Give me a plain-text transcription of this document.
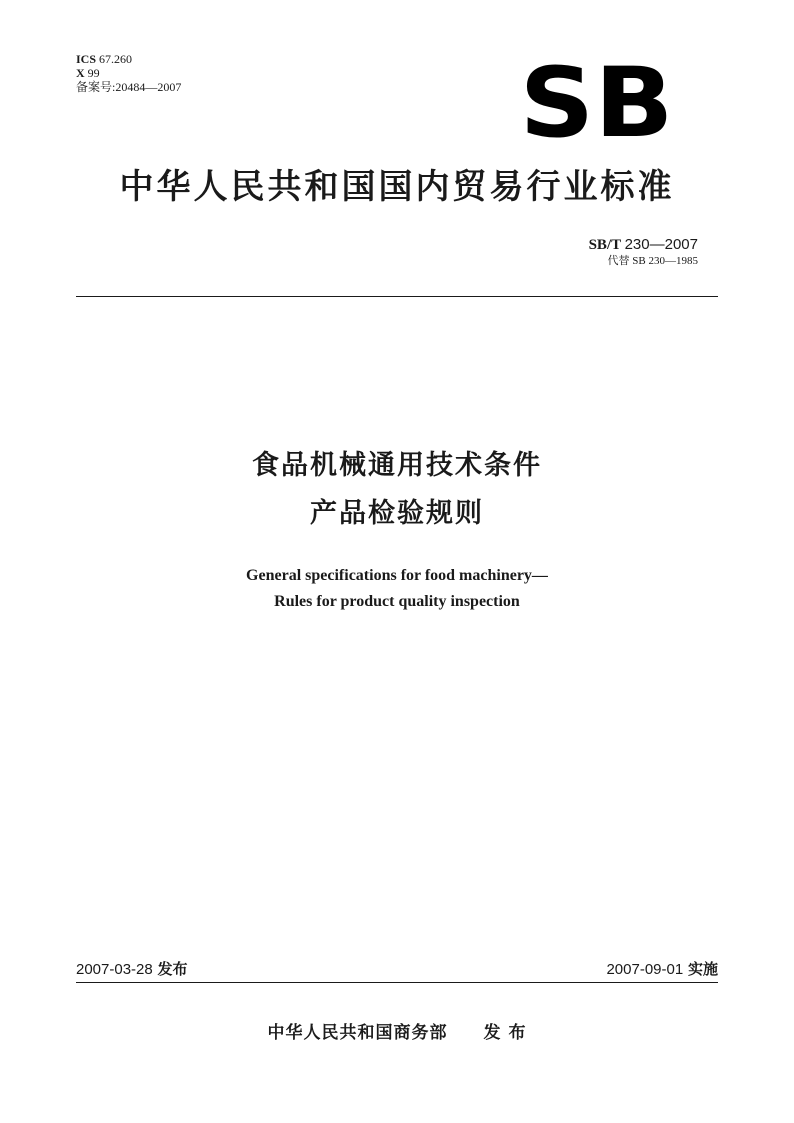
ICS 67.260
X 99
备案号:20484—2007	SB
中华人民共和国国内贸易行业标准
SB/T 230—2007
代替 SB 230—1985
食品机械通用技术条件
产品检验规则
General specifications for food machinery—
Rules for product quality inspection
2007-03-28 发布	2007-09-01 实施
中华人民共和国商务部 发 布
